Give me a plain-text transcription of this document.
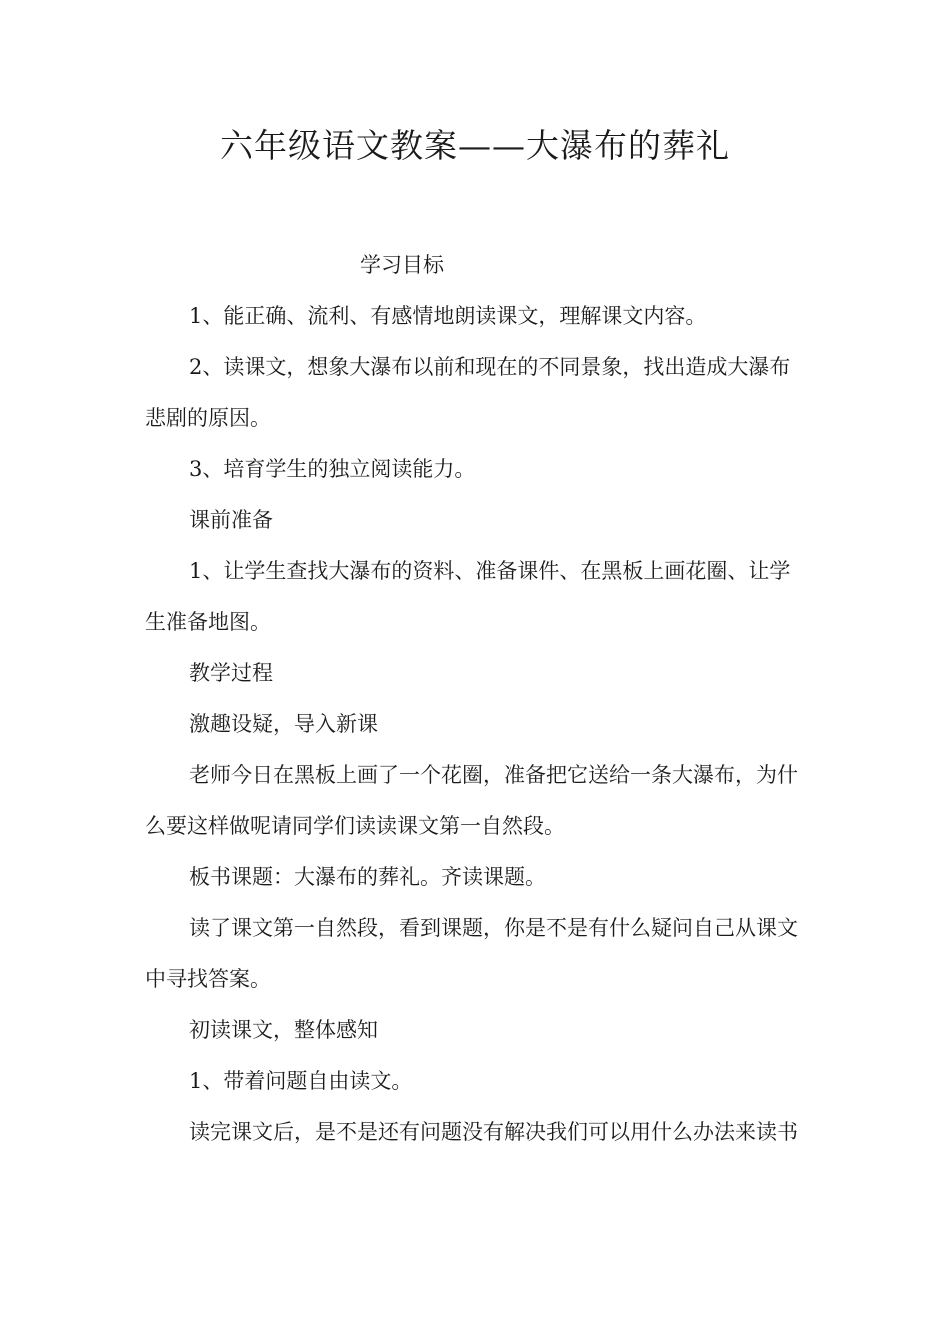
六年级语文教案——大瀑布的葬礼
学习目标

1、能正确、流利、有感情地朗读课文，理解课文内容。

2、读课文，想象大瀑布以前和现在的不同景象，找出造成大瀑布悲剧的原因。

3、培育学生的独立阅读能力。

课前准备

1、让学生查找大瀑布的资料、准备课件、在黑板上画花圈、让学生准备地图。

教学过程

激趣设疑，导入新课

老师今日在黑板上画了一个花圈，准备把它送给一条大瀑布，为什么要这样做呢请同学们读读课文第一自然段。

板书课题：大瀑布的葬礼。齐读课题。

读了课文第一自然段，看到课题，你是不是有什么疑问自己从课文中寻找答案。

初读课文，整体感知

1、带着问题自由读文。

读完课文后，是不是还有问题没有解决我们可以用什么办法来读书
